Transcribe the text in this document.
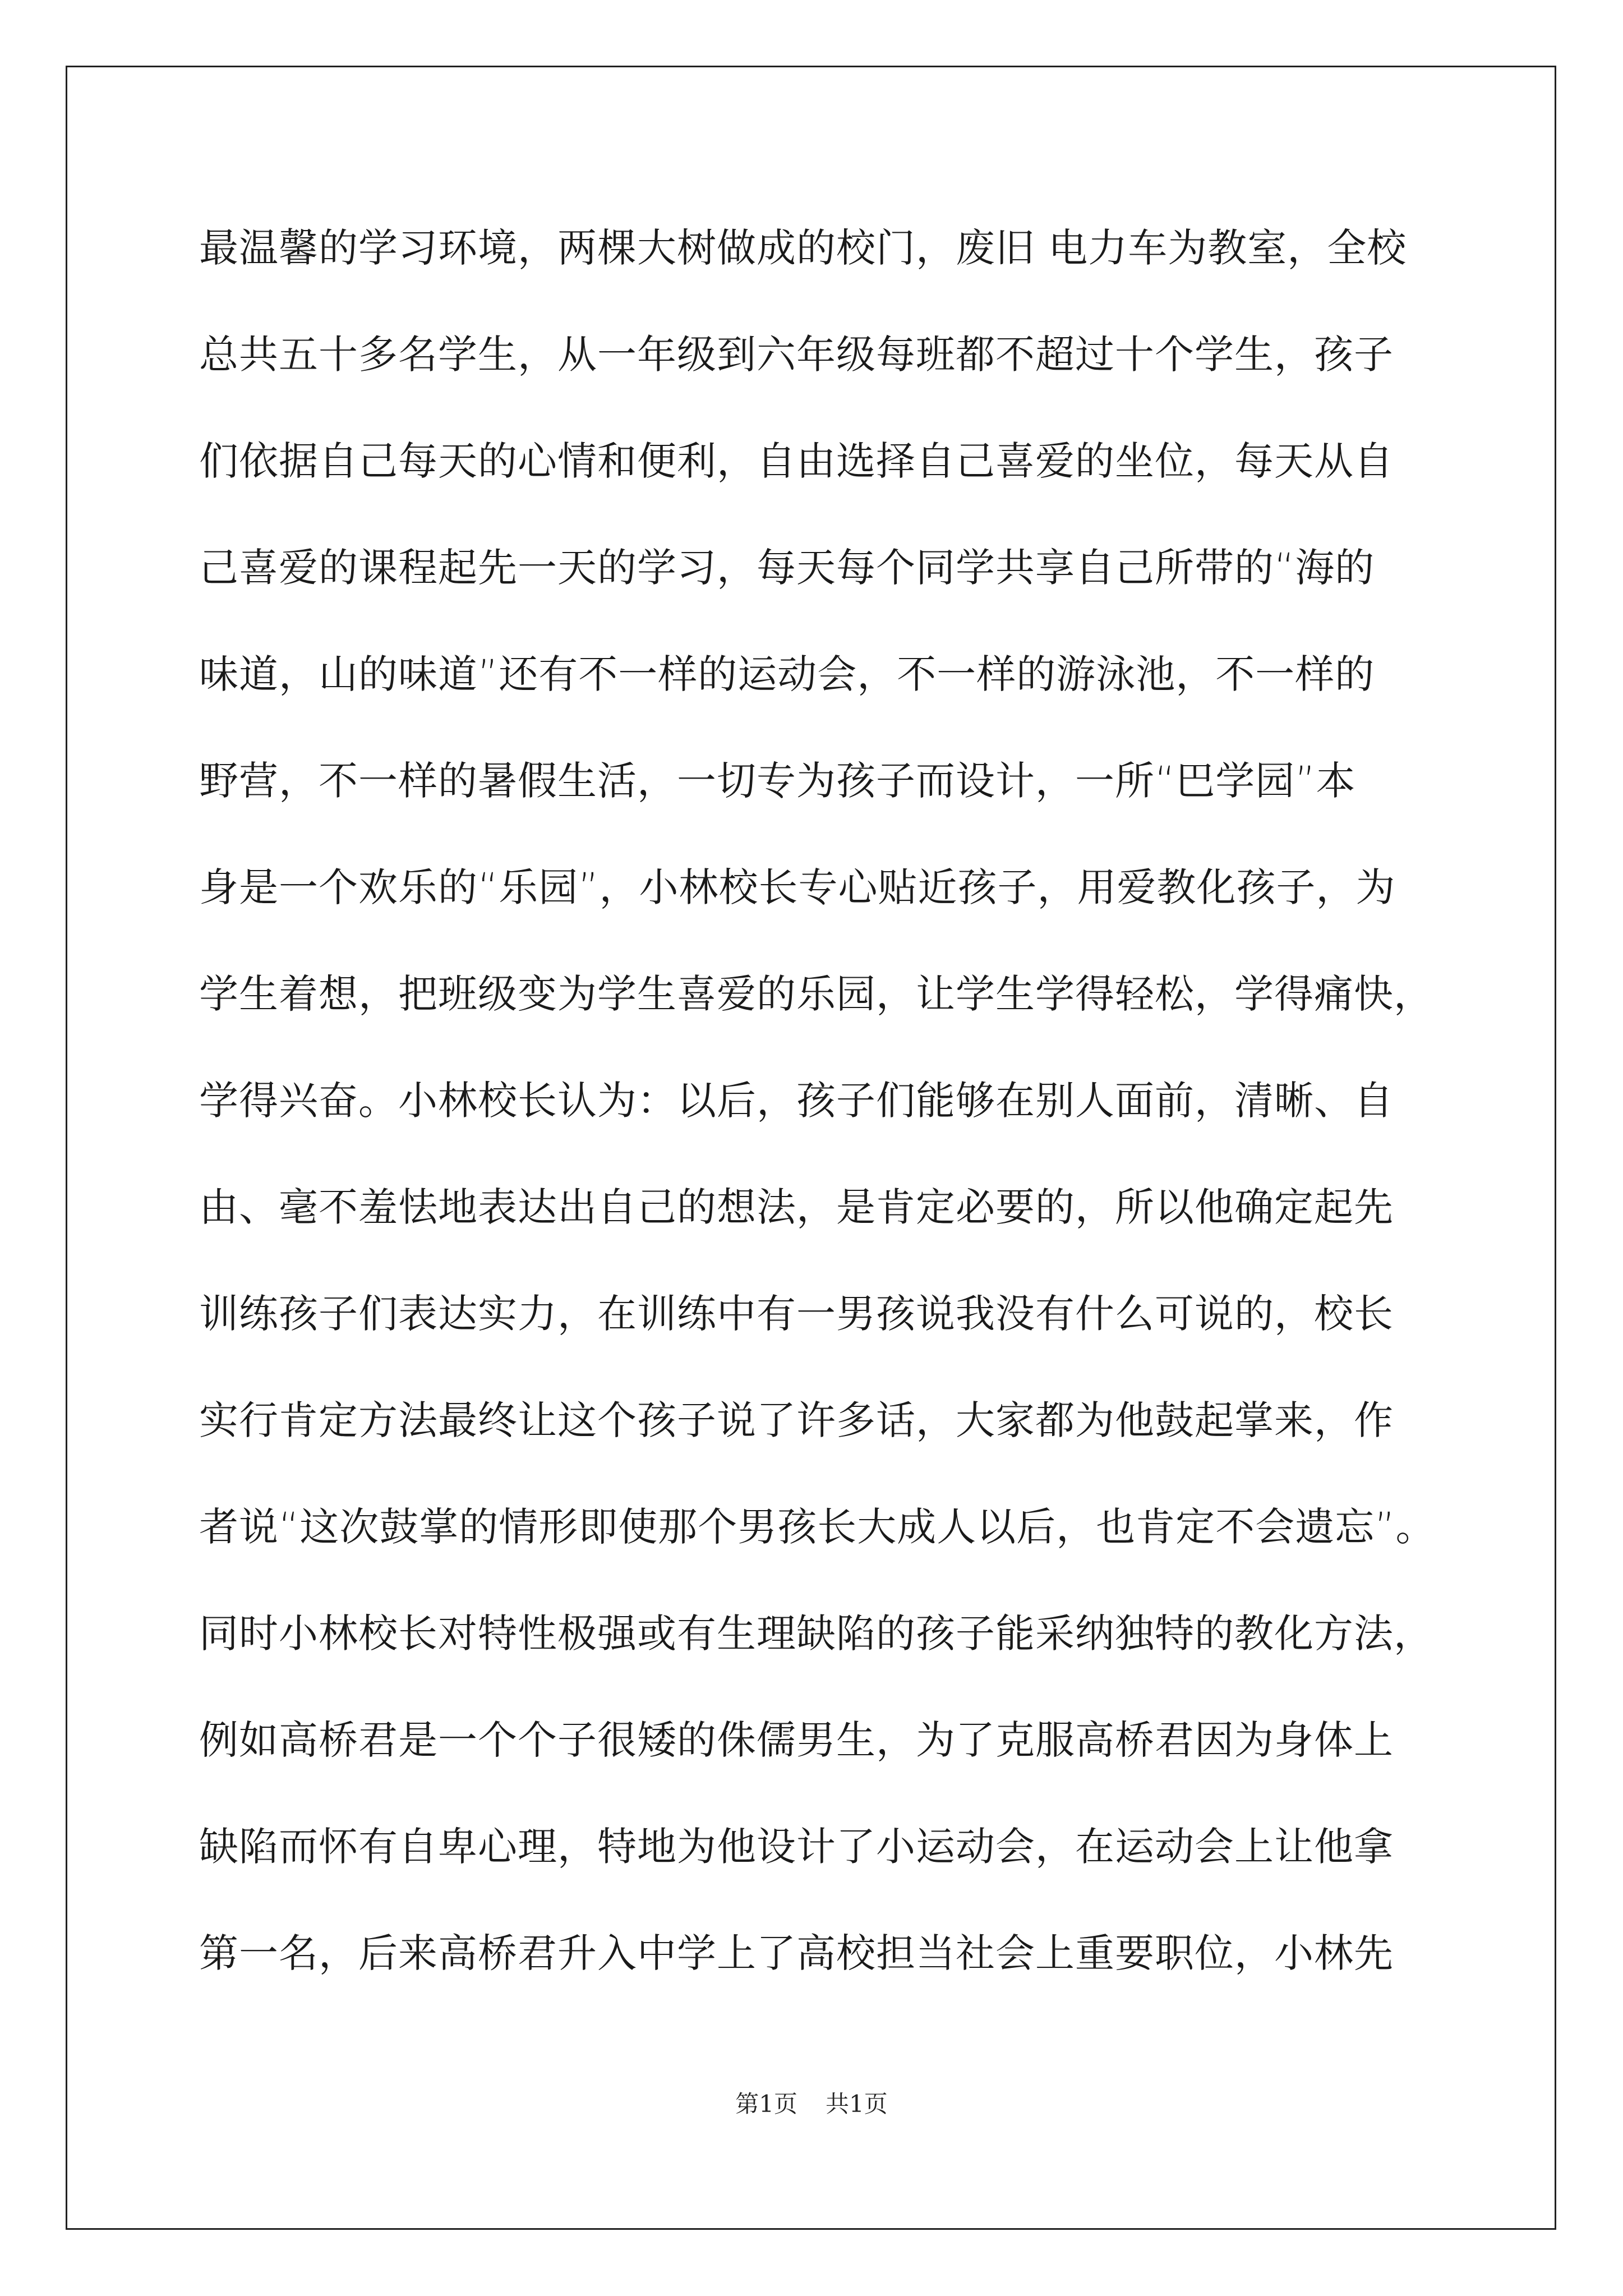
最温馨的学习环境，两棵大树做成的校门，废旧 电力车为教室，全校
总共五十多名学生，从一年级到六年级每班都不超过十个学生，孩子
们依据自己每天的心情和便利，自由选择自己喜爱的坐位，每天从自
己喜爱的课程起先一天的学习，每天每个同学共享自己所带的“海的
味道，山的味道”还有不一样的运动会，不一样的游泳池，不一样的
野营，不一样的暑假生活，一切专为孩子而设计，一所“巴学园”本
身是一个欢乐的“乐园”，小林校长专心贴近孩子，用爱教化孩子，为
学生着想，把班级变为学生喜爱的乐园，让学生学得轻松，学得痛快，
学得兴奋。小林校长认为：以后，孩子们能够在别人面前，清晰、自
由、毫不羞怯地表达出自己的想法，是肯定必要的，所以他确定起先
训练孩子们表达实力，在训练中有一男孩说我没有什么可说的，校长
实行肯定方法最终让这个孩子说了许多话，大家都为他鼓起掌来，作
者说“这次鼓掌的情形即使那个男孩长大成人以后，也肯定不会遗忘”。
同时小林校长对特性极强或有生理缺陷的孩子能采纳独特的教化方法，
例如高桥君是一个个子很矮的侏儒男生，为了克服高桥君因为身体上
缺陷而怀有自卑心理，特地为他设计了小运动会，在运动会上让他拿
第一名，后来高桥君升入中学上了高校担当社会上重要职位，小林先
第1页 共1页
